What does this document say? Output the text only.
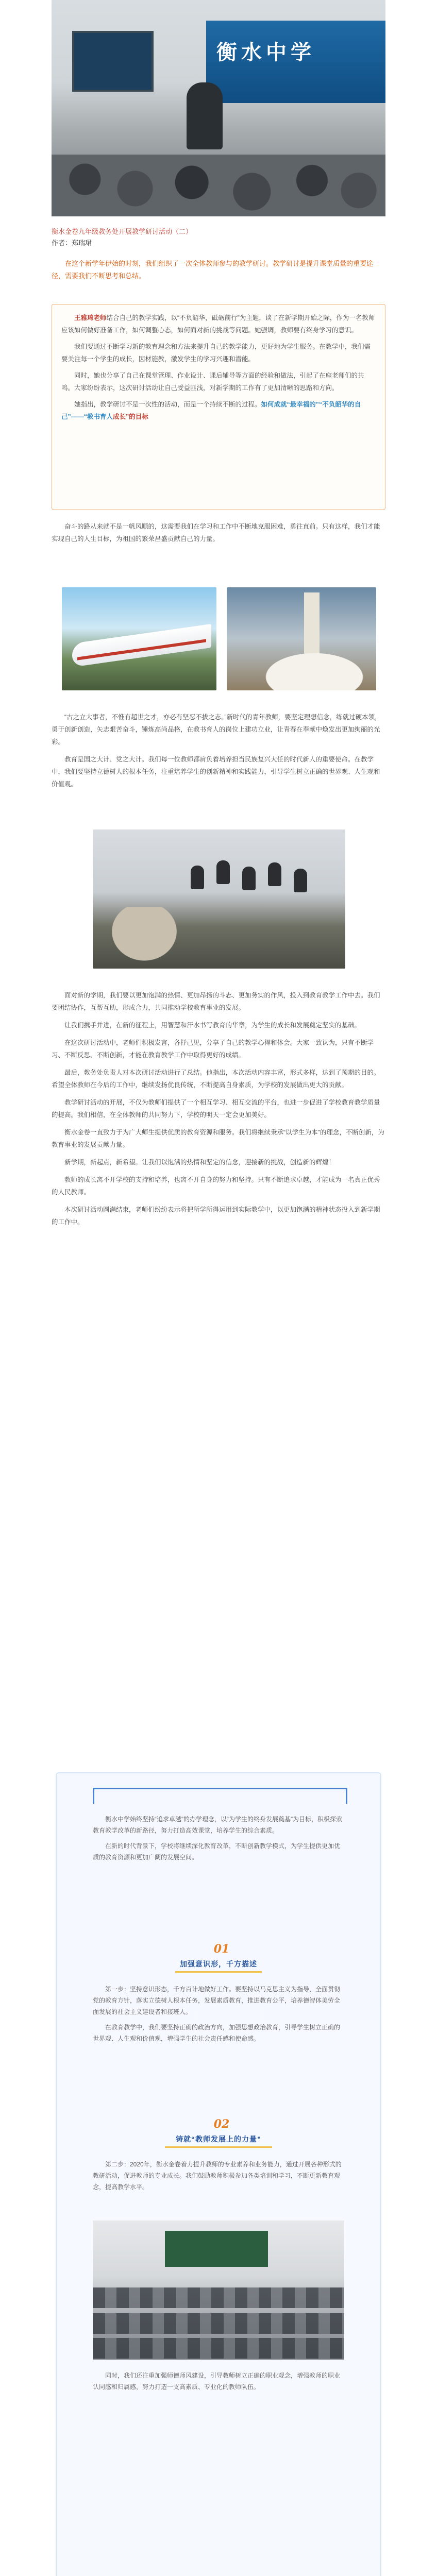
衡水中学
衡水金卷九年级教务处开展教学研讨活动（二）
作者：郑瑞珺
在这个新学年伊始的时刻，我们组织了一次全体教师参与的教学研讨。教学研讨是提升课堂质量的重要途径，需要我们不断思考和总结。

王雅琦老师结合自己的教学实践，以“不负韶华，砥砺前行”为主题，谈了在新学期开始之际，作为一名教师应该如何做好准备工作，如何调整心态，如何面对新的挑战等问题。她强调，教师要有终身学习的意识。

我们要通过不断学习新的教育理念和方法来提升自己的教学能力，更好地为学生服务。在教学中，我们需要关注每一个学生的成长，因材施教，激发学生的学习兴趣和潜能。

同时，她也分享了自己在课堂管理、作业设计、课后辅导等方面的经验和做法，引起了在座老师们的共鸣。大家纷纷表示，这次研讨活动让自己受益匪浅，对新学期的工作有了更加清晰的思路和方向。

她指出，教学研讨不是一次性的活动，而是一个持续不断的过程。如何成就“最幸福的”“不负韶华的自己”——“教书育人成长”的目标

奋斗的路从来就不是一帆风顺的，这需要我们在学习和工作中不断地克服困难，勇往直前。只有这样，我们才能实现自己的人生目标，为祖国的繁荣昌盛贡献自己的力量。

“古之立大事者，不惟有超世之才，亦必有坚忍不拔之志。”新时代的青年教师，要坚定理想信念，练就过硬本领，勇于创新创造，矢志艰苦奋斗，锤炼高尚品格，在教书育人的岗位上建功立业，让青春在奉献中焕发出更加绚丽的光彩。

教育是国之大计、党之大计。我们每一位教师都肩负着培养担当民族复兴大任的时代新人的重要使命。在教学中，我们要坚持立德树人的根本任务，注重培养学生的创新精神和实践能力，引导学生树立正确的世界观、人生观和价值观。

面对新的学期，我们要以更加饱满的热情、更加昂扬的斗志、更加务实的作风，投入到教育教学工作中去。我们要团结协作，互帮互助，形成合力，共同推动学校教育事业的发展。

让我们携手并进，在新的征程上，用智慧和汗水书写教育的华章，为学生的成长和发展奠定坚实的基础。

在这次研讨活动中，老师们积极发言，各抒己见，分享了自己的教学心得和体会。大家一致认为，只有不断学习、不断反思、不断创新，才能在教育教学工作中取得更好的成绩。

最后，教务处负责人对本次研讨活动进行了总结。他指出，本次活动内容丰富，形式多样，达到了预期的目的。希望全体教师在今后的工作中，继续发扬优良传统，不断提高自身素质，为学校的发展做出更大的贡献。

教学研讨活动的开展，不仅为教师们提供了一个相互学习、相互交流的平台，也进一步促进了学校教育教学质量的提高。我们相信，在全体教师的共同努力下，学校的明天一定会更加美好。

衡水金卷一直致力于为广大师生提供优质的教育资源和服务。我们将继续秉承“以学生为本”的理念，不断创新，为教育事业的发展贡献力量。

新学期，新起点，新希望。让我们以饱满的热情和坚定的信念，迎接新的挑战，创造新的辉煌！

教师的成长离不开学校的支持和培养，也离不开自身的努力和坚持。只有不断追求卓越，才能成为一名真正优秀的人民教师。

本次研讨活动圆满结束，老师们纷纷表示将把所学所得运用到实际教学中，以更加饱满的精神状态投入到新学期的工作中。

衡水中学始终坚持“追求卓越”的办学理念，以“为学生的终身发展奠基”为目标，积极探索教育教学改革的新路径，努力打造高效课堂，培养学生的综合素质。

在新的时代背景下，学校将继续深化教育改革，不断创新教学模式，为学生提供更加优质的教育资源和更加广阔的发展空间。

01
加强意识形，千方描述

第一步：坚持意识形态，千方百计地做好工作。要坚持以马克思主义为指导，全面贯彻党的教育方针，落实立德树人根本任务，发展素质教育，推进教育公平，培养德智体美劳全面发展的社会主义建设者和接班人。

在教育教学中，我们要坚持正确的政治方向，加强思想政治教育，引导学生树立正确的世界观、人生观和价值观，增强学生的社会责任感和使命感。

02
铸就“教师发展上的力量”

第二步：2020年，衡水金卷着力提升教师的专业素养和业务能力，通过开展各种形式的教研活动，促进教师的专业成长。我们鼓励教师积极参加各类培训和学习，不断更新教育观念，提高教学水平。

同时，我们还注重加强师德师风建设，引导教师树立正确的职业观念，增强教师的职业认同感和归属感，努力打造一支高素质、专业化的教师队伍。
